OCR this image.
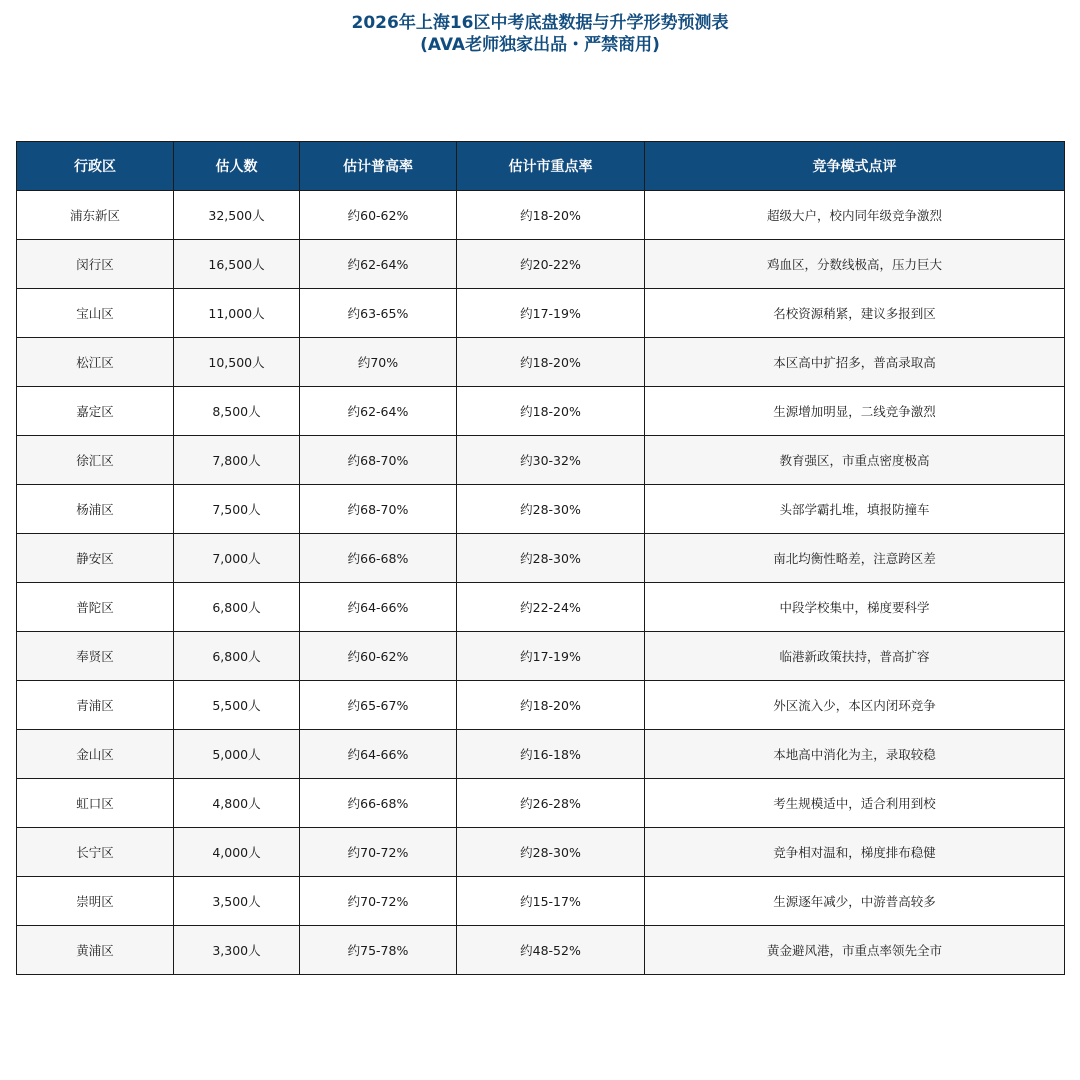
2026年上海16区中考底盘数据与升学形势预测表
(AVA老师独家出品・严禁商用)
行政区	估人数	估计普高率	估计市重点率	竞争模式点评
浦东新区	32,500人	约60-62%	约18-20%	超级大户，校内同年级竞争激烈
闵行区	16,500人	约62-64%	约20-22%	鸡血区，分数线极高，压力巨大
宝山区	11,000人	约63-65%	约17-19%	名校资源稍紧，建议多报到区
松江区	10,500人	约70%	约18-20%	本区高中扩招多，普高录取高
嘉定区	8,500人	约62-64%	约18-20%	生源增加明显，二线竞争激烈
徐汇区	7,800人	约68-70%	约30-32%	教育强区，市重点密度极高
杨浦区	7,500人	约68-70%	约28-30%	头部学霸扎堆，填报防撞车
静安区	7,000人	约66-68%	约28-30%	南北均衡性略差，注意跨区差
普陀区	6,800人	约64-66%	约22-24%	中段学校集中，梯度要科学
奉贤区	6,800人	约60-62%	约17-19%	临港新政策扶持，普高扩容
青浦区	5,500人	约65-67%	约18-20%	外区流入少，本区内闭环竞争
金山区	5,000人	约64-66%	约16-18%	本地高中消化为主，录取较稳
虹口区	4,800人	约66-68%	约26-28%	考生规模适中，适合利用到校
长宁区	4,000人	约70-72%	约28-30%	竞争相对温和，梯度排布稳健
崇明区	3,500人	约70-72%	约15-17%	生源逐年减少，中游普高较多
黄浦区	3,300人	约75-78%	约48-52%	黄金避风港，市重点率领先全市
